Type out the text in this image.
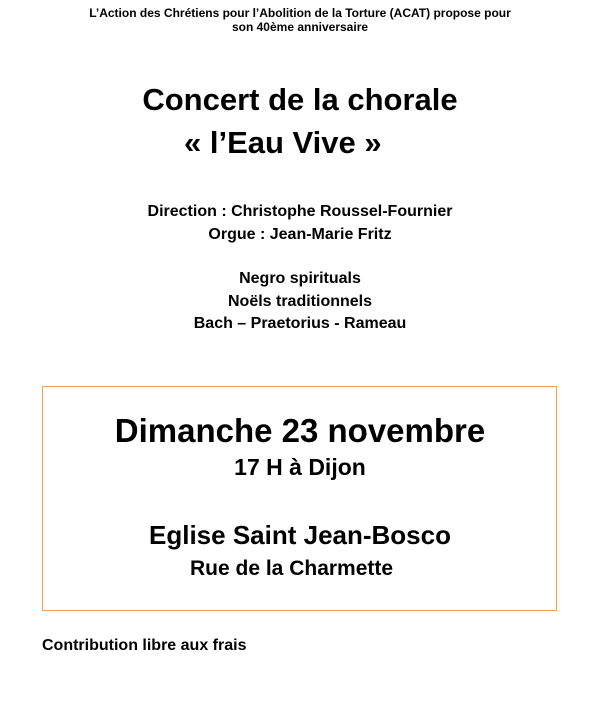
L’Action des Chrétiens pour l’Abolition de la Torture (ACAT) propose pour
son 40ème anniversaire
Concert de la chorale
« l’Eau Vive »
Direction : Christophe Roussel-Fournier
Orgue : Jean-Marie Fritz
Negro spirituals
Noëls traditionnels
Bach – Praetorius - Rameau
Dimanche 23 novembre
17 H à Dijon
Eglise Saint Jean-Bosco
Rue de la Charmette
Contribution libre aux frais
